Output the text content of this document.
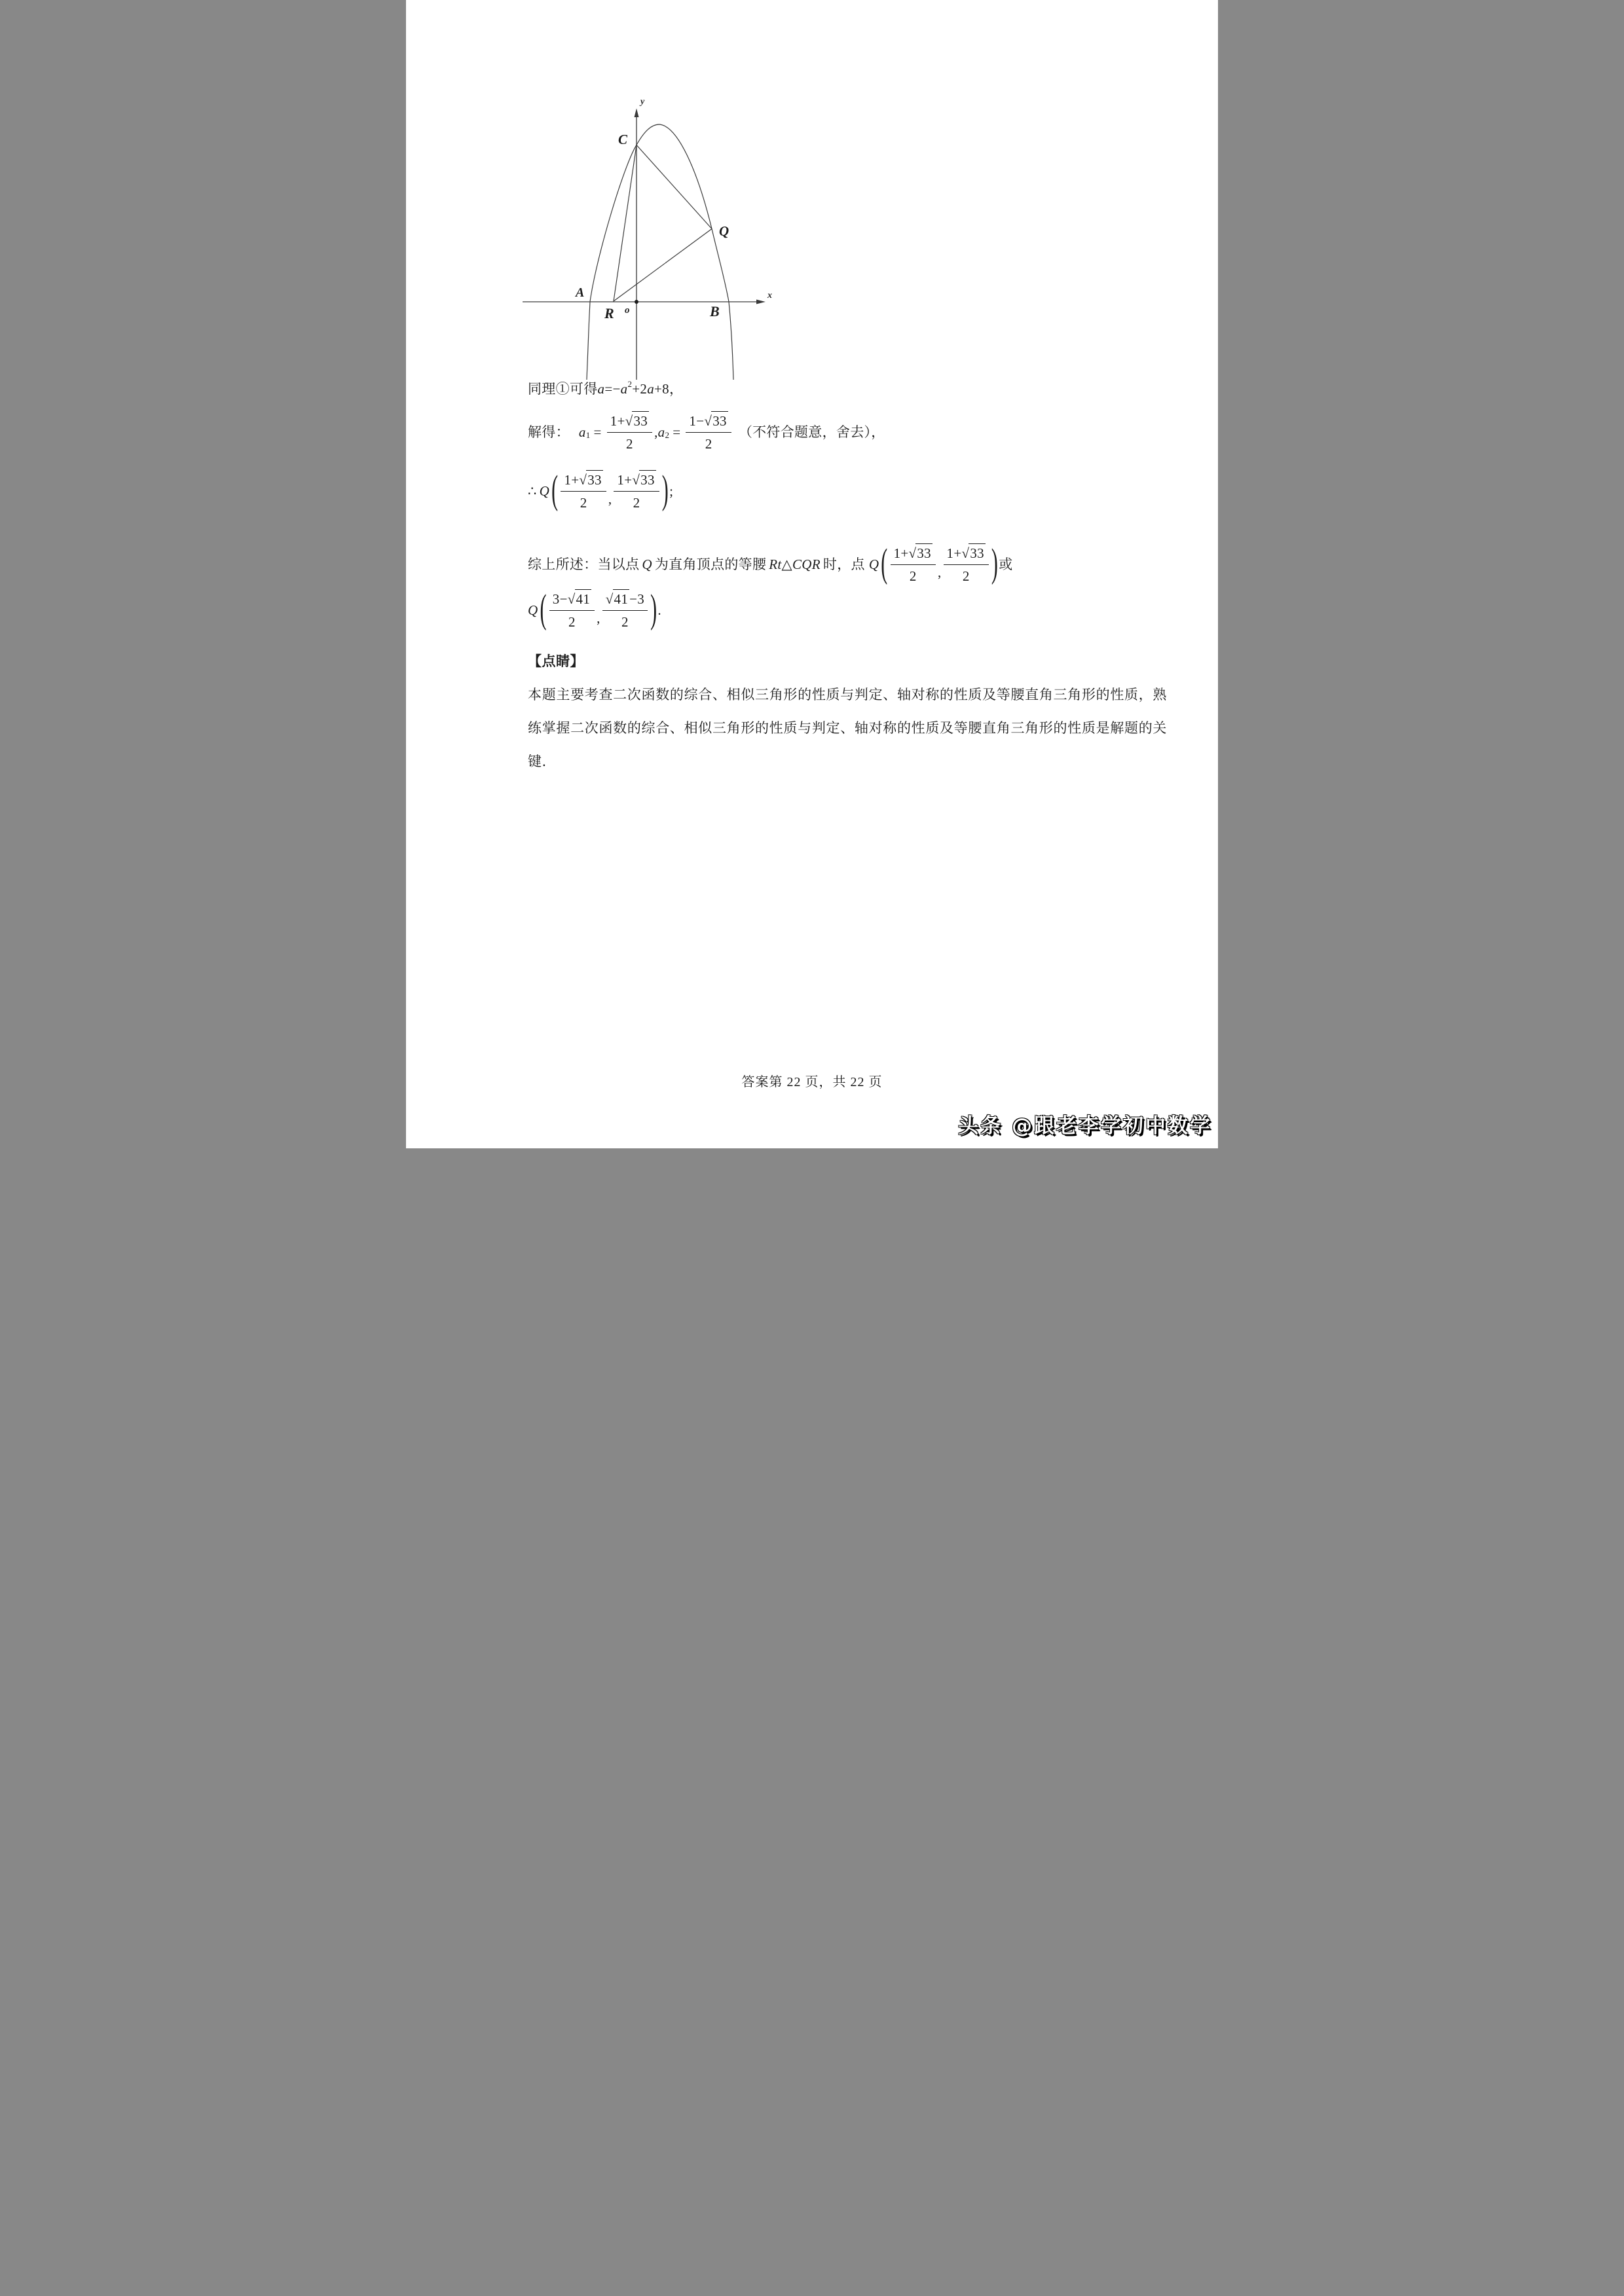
y
x
C
Q
A
R o	B
同理①可得 a = − $a^2 +2$ a +8 ，
解得： $a_1 = \frac{1+ √ 33}{2}$ , $a_2 = \frac{1- √ 33}{2}$ （不符合题意，舍去），
∴ Q ( $\frac{1+ √ 33}{2}$ , $\frac{1+ √ 33}{2}$ ) ;
综上所述：当以点 Q 为直角顶点的等腰 Rt △ CQR 时，点 Q ( $\frac{1+ √ 33}{2}$ , $\frac{1+ √ 33}{2}$ ) 或
Q ( $\frac{3- √ 41}{2}$ , $\frac{√ 41 -3}{2}$ ) .
【点睛】
本题主要考查二次函数的综合、相似三角形的性质与判定、轴对称的性质及等腰直角三角形的性质，熟练掌握二次函数的综合、相似三角形的性质与判定、轴对称的性质及等腰直角三角形的性质是解题的关键．
答案第 22 页，共 22 页
头条 @跟老李学初中数学
